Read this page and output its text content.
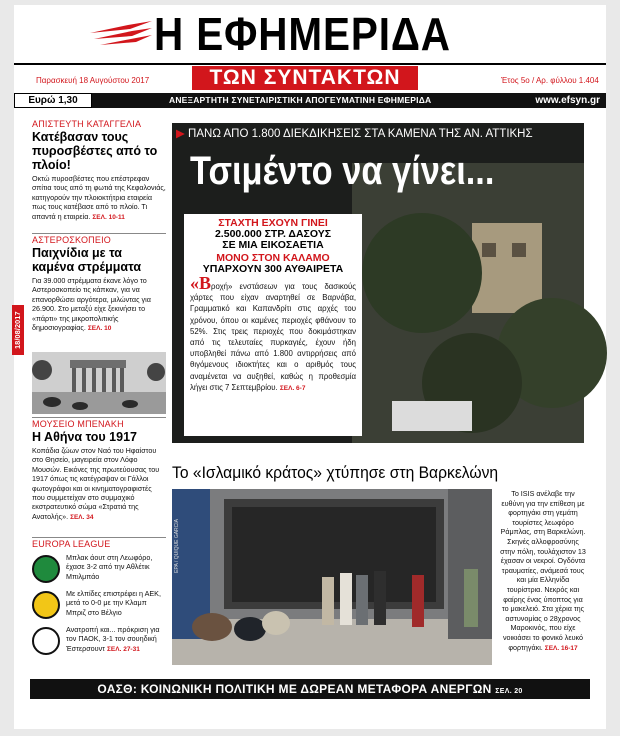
Η ΕΦΗΜΕΡΙΔΑ
Παρασκευή 18 Αυγούστου 2017	ΤΩΝ ΣΥΝΤΑΚΤΩΝ	Έτος 5ο / Αρ. φύλλου 1.404
Ευρώ 1,30	ΑΝΕΞΑΡΤΗΤΗ ΣΥΝΕΤΑΙΡΙΣΤΙΚΗ ΑΠΟΓΕΥΜΑΤΙΝΗ ΕΦΗΜΕΡΙΔΑ	www.efsyn.gr
18/08/2017
ΑΠΙΣΤΕΥΤΗ ΚΑΤΑΓΓΕΛΙΑ
Κατέβασαν τους πυροσβέστες από το πλοίο!
Οκτώ πυροσβέστες που επέστρεφαν σπίτια τους από τη φωτιά της Κεφαλονιάς, κατηγορούν την πλοιοκτήτρια εταιρεία πως τους κατέβασε από το πλοίο. Τι απαντά η εταιρεία. ΣΕΛ. 10-11
ΑΣΤΕΡΟΣΚΟΠΕΙΟ
Παιχνίδια με τα καμένα στρέμματα
Για 39.000 στρέμματα έκανε λόγο το Αστεροσκοπείο τις κάπκαν, για να επανορθώσει αργότερα, μιλώντας για 26.900. Στο μεταξύ είχε ξεκινήσει το «πάρτι» της μικροπολιτικής δημοσιογραφίας. ΣΕΛ. 10
ΜΟΥΣΕΙΟ ΜΠΕΝΑΚΗ
Η Αθήνα του 1917
Κοπάδια ζώων στον Ναό του Ηφαίστου στο Θησείο, μαγειρεία στον Λόφο Μουσών. Εικόνες της πρωτεύουσας του 1917 όπως τις κατέγραψαν οι Γάλλοι φωτογράφοι και οι κινηματογραφιστές που συμμετείχαν στο συμμαχικό εκστρατευτικό σώμα «Στρατιά της Ανατολής». ΣΕΛ. 34
EUROPA LEAGUE
Μπλακ άουτ στη Λεωφόρο, έχασε 3-2 από την Αθλέτικ Μπιλμπάο
Με ελπίδες επιστρέφει η ΑΕΚ, μετά το 0-0 με την Κλαμπ Μπριζ στο Βέλγιο
Ανατροπή και... πρόκριση για τον ΠΑΟΚ, 3-1 τον σουηδική Έστερσουντ ΣΕΛ. 27-31
▶ ΠΑΝΩ ΑΠΟ 1.800 ΔΙΕΚΔΙΚΗΣΕΙΣ ΣΤΑ ΚΑΜΕΝΑ ΤΗΣ ΑΝ. ΑΤΤΙΚΗΣ
Τσιμέντο να γίνει...
ΣΤΑΧΤΗ ΕΧΟΥΝ ΓΙΝΕΙ
2.500.000 ΣΤΡ. ΔΑΣΟΥΣ
ΣΕ ΜΙΑ ΕΙΚΟΣΑΕΤΙΑ
ΜΟΝΟ ΣΤΟΝ ΚΑΛΑΜΟ
ΥΠΑΡΧΟΥΝ 300 ΑΥΘΑΙΡΕΤΑ
«Βροχή» ενστάσεων για τους δασικούς χάρτες που είχαν αναρτηθεί σε Βαρνάβα, Γραμματικό και Καπανδρίτι στις αρχές του χρόνου, όπου οι καμένες περιοχές φθάνουν το 52%. Στις τρεις περιοχές που δοκιμάστηκαν από τις τελευταίες πυρκαγιές, έχουν ήδη υποβληθεί πάνω από 1.800 αντιρρήσεις από θιγόμενους ιδιοκτήτες και ο αριθμός τους αναμένεται να αυξηθεί, καθώς η προθεσμία λήγει στις 7 Σεπτεμβρίου. ΣΕΛ. 6-7
Το «Ισλαμικό κράτος» χτύπησε στη Βαρκελώνη
EPA / QUIQUE GARCIA
Το ISIS ανέλαβε την ευθύνη για την επίθεση με φορτηγάκι στη γεμάτη τουρίστες λεωφόρο Ράμπλας, στη Βαρκελώνη. Σκηνές αλλοφροσύνης στην πόλη, τουλάχιστον 13 έχασαν οι νεκροί. Ογδόντα τραυματίες, ανάμεσά τους και μία Ελληνίδα τουρίστρια. Νεκρός και φαίρης ένας ύποπτος για το μακελειό. Στα χέρια της αστυνομίας ο 28χρονος Μαροκινός, που είχε νοικιάσει το φονικό λευκό φορτηγάκι. ΣΕΛ. 16-17
ΟΑΣΘ: ΚΟΙΝΩΝΙΚΗ ΠΟΛΙΤΙΚΗ ΜΕ ΔΩΡΕΑΝ ΜΕΤΑΦΟΡΑ ΑΝΕΡΓΩΝ ΣΕΛ. 20
